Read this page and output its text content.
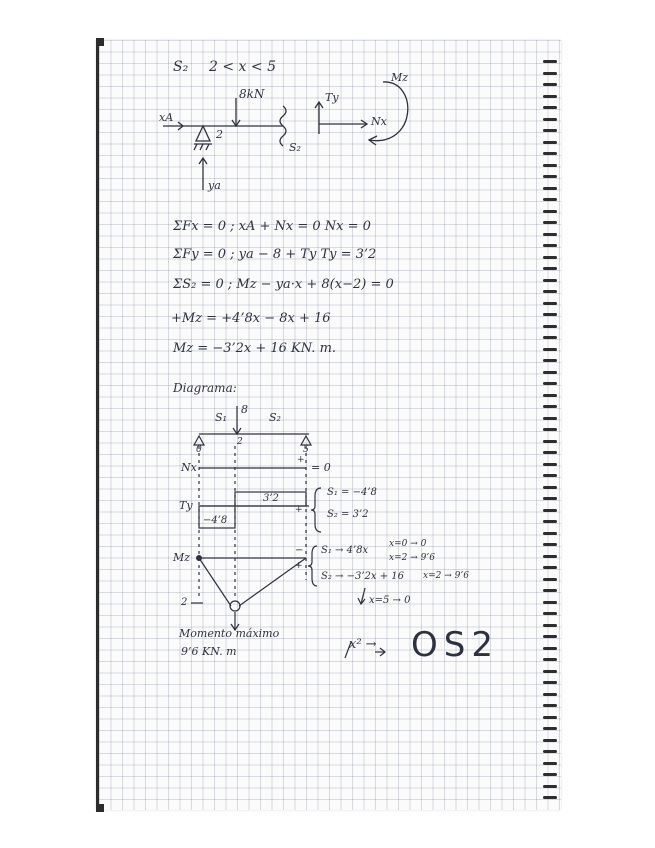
S₂ 2 < x < 5
8kN
xA
2
ya
S₂
Ty
Nx
Mz
ΣFx = 0 ; xA + Nx = 0 Nx = 0
ΣFy = 0 ; ya − 8 + Ty Ty = 3’2
ΣS₂ = 0 ; Mz − ya·x + 8(x−2) = 0
+Mz = +4’8x − 8x + 16
Mz = −3’2x + 16 KN. m.
Diagrama:
S₁
8
S₂
0
2
5
Nx	= 0
+
Ty
3’2
−4’8
+
S₁ = −4’8
S₂ = 3’2
Mz
−
+
2
S₁ → 4’8x
x=0 → 0
x=2 → 9’6
S₂ → −3’2x + 16 x=2 → 9’6
x=5 → 0
Momento máximo
9’6 KN. m	x² → OS2
